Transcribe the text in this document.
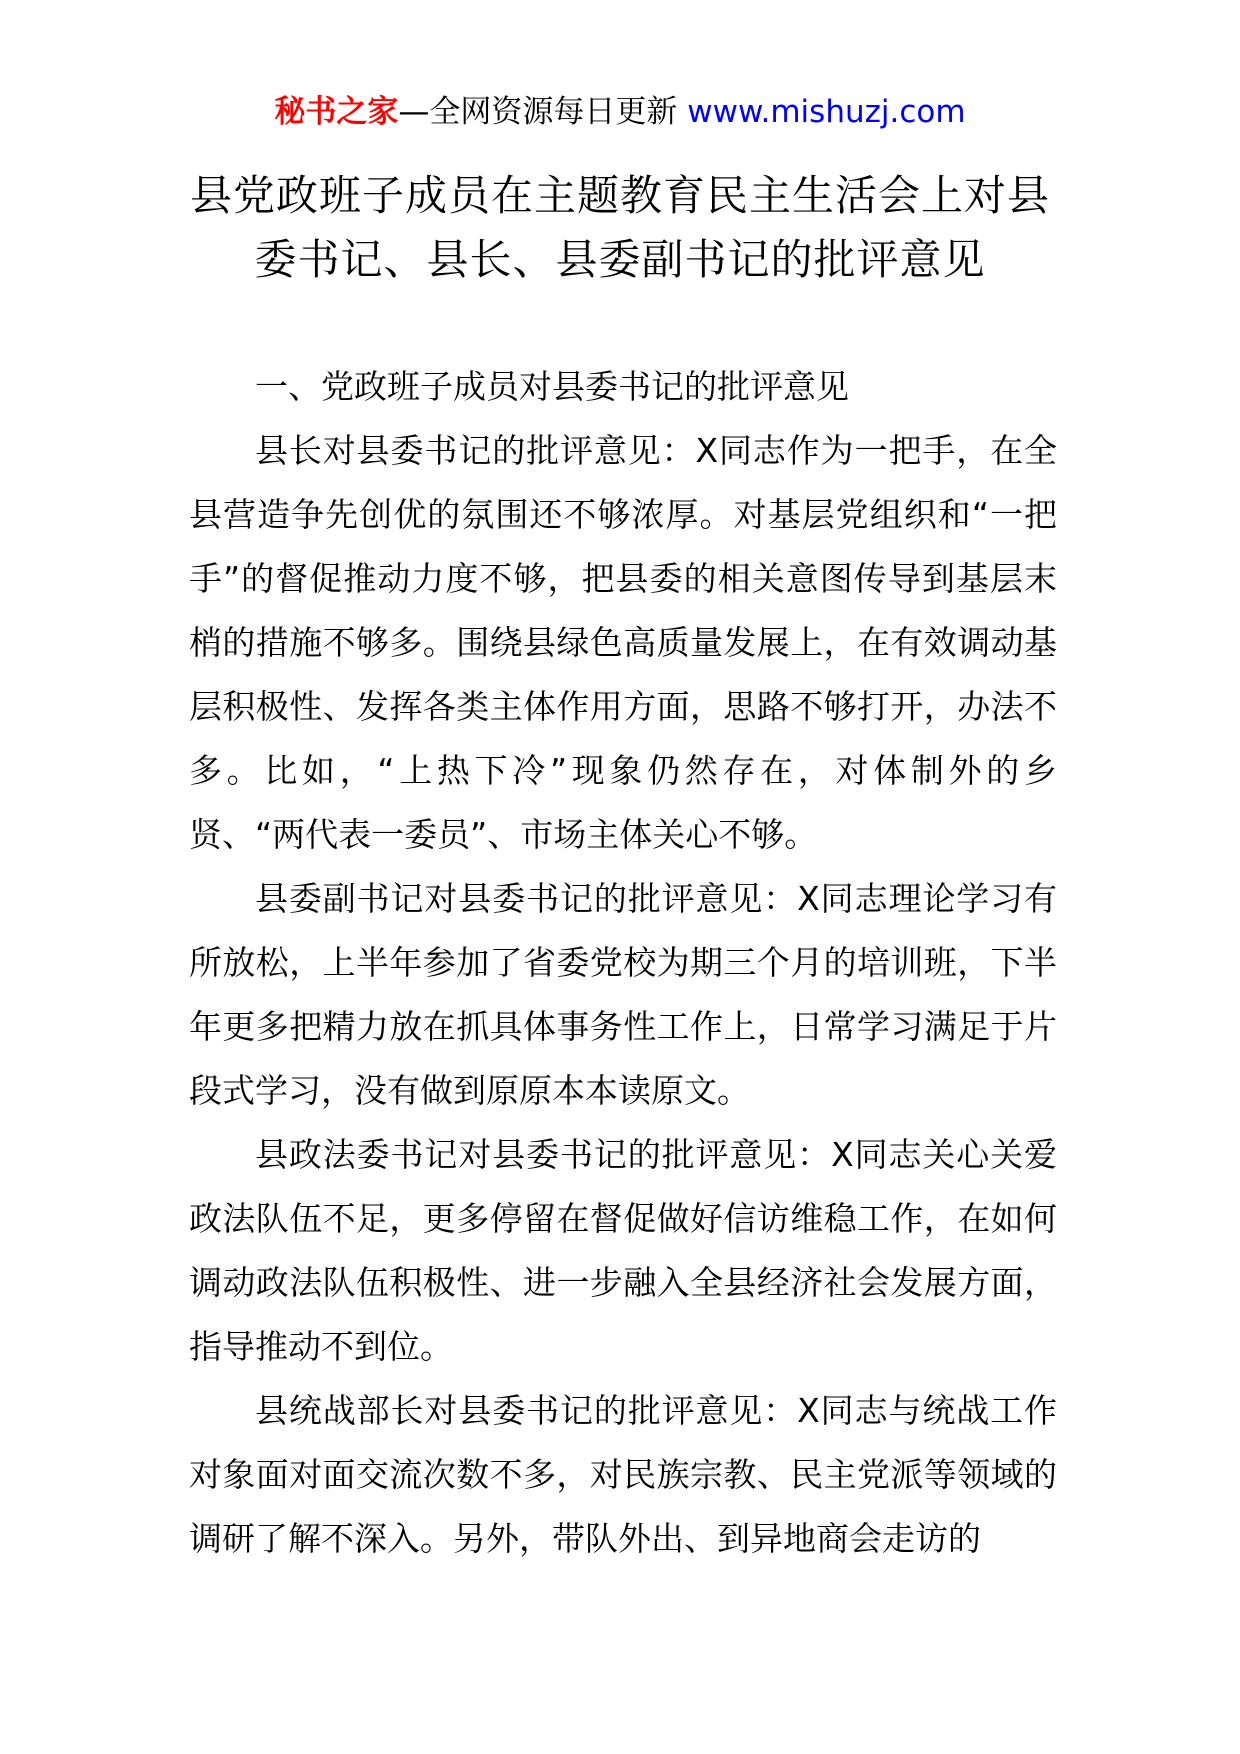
秘书之家—全网资源每日更新 www.mishuzj.com
县党政班子成员在主题教育民主生活会上对县
委书记、县长、县委副书记的批评意见

一、党政班子成员对县委书记的批评意见

县长对县委书记的批评意见：X同志作为一把手，在全县营造争先创优的氛围还不够浓厚。对基层党组织和“一把手”的督促推动力度不够，把县委的相关意图传导到基层末梢的措施不够多。围绕县绿色高质量发展上，在有效调动基层积极性、发挥各类主体作用方面，思路不够打开，办法不多。比如，“上热下冷”现象仍然存在，对体制外的乡贤、“两代表一委员”、市场主体关心不够。

县委副书记对县委书记的批评意见：X同志理论学习有所放松，上半年参加了省委党校为期三个月的培训班，下半年更多把精力放在抓具体事务性工作上，日常学习满足于片段式学习，没有做到原原本本读原文。

县政法委书记对县委书记的批评意见：X同志关心关爱政法队伍不足，更多停留在督促做好信访维稳工作，在如何调动政法队伍积极性、进一步融入全县经济社会发展方面，指导推动不到位。

县统战部长对县委书记的批评意见：X同志与统战工作对象面对面交流次数不多，对民族宗教、民主党派等领域的调研了解不深入。另外，带队外出、到异地商会走访的
